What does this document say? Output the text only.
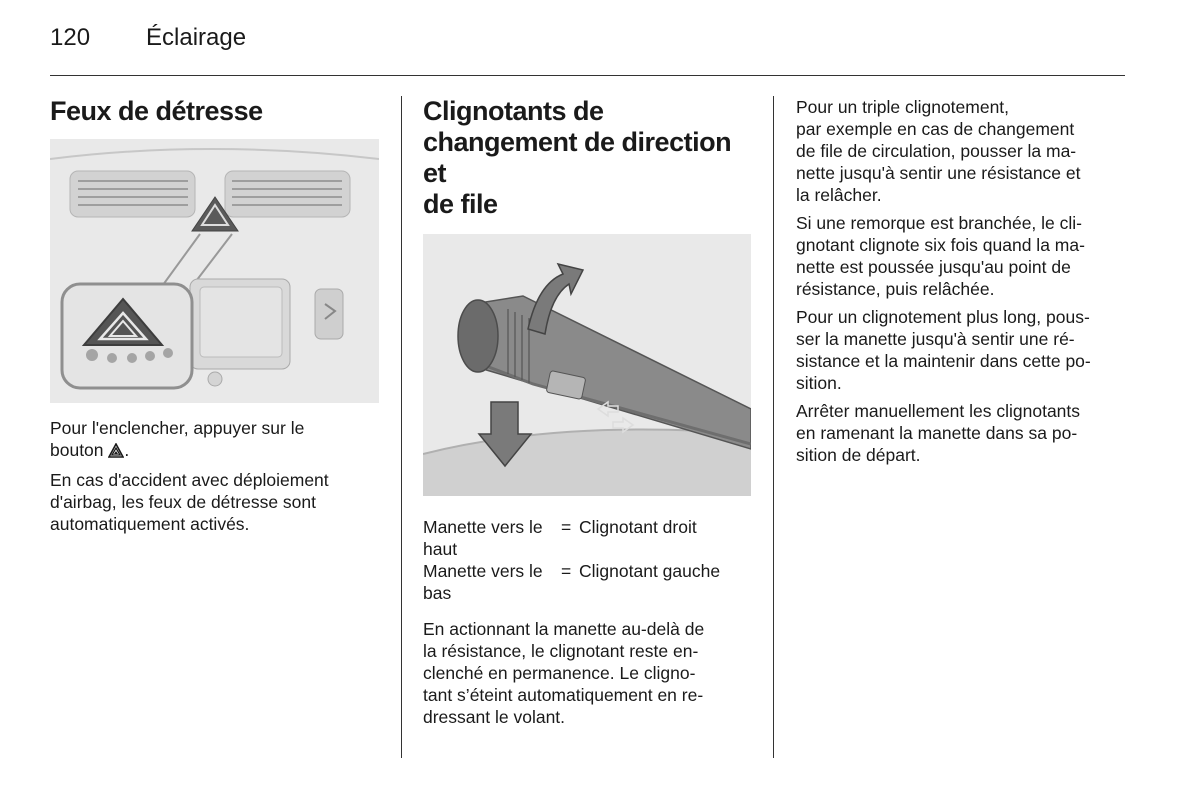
120 Éclairage
Feux de détresse

Pour l'enclencher, appuyer sur le
bouton .

En cas d'accident avec déploiement d'airbag, les feux de détresse sont automatiquement activés.

Clignotants de
changement de direction et
de file
Manette vers le
haut	=	Clignotant droit
Manette vers le
bas	=	Clignotant gauche

En actionnant la manette au-delà de
la résistance, le clignotant reste en-
clenché en permanence. Le cligno-
tant s’éteint automatiquement en re-
dressant le volant.

Pour un triple clignotement,
par exemple en cas de changement
de file de circulation, pousser la ma-
nette jusqu'à sentir une résistance et
la relâcher.

Si une remorque est branchée, le cli-
gnotant clignote six fois quand la ma-
nette est poussée jusqu'au point de
résistance, puis relâchée.

Pour un clignotement plus long, pous-
ser la manette jusqu'à sentir une ré-
sistance et la maintenir dans cette po-
sition.

Arrêter manuellement les clignotants
en ramenant la manette dans sa po-
sition de départ.
